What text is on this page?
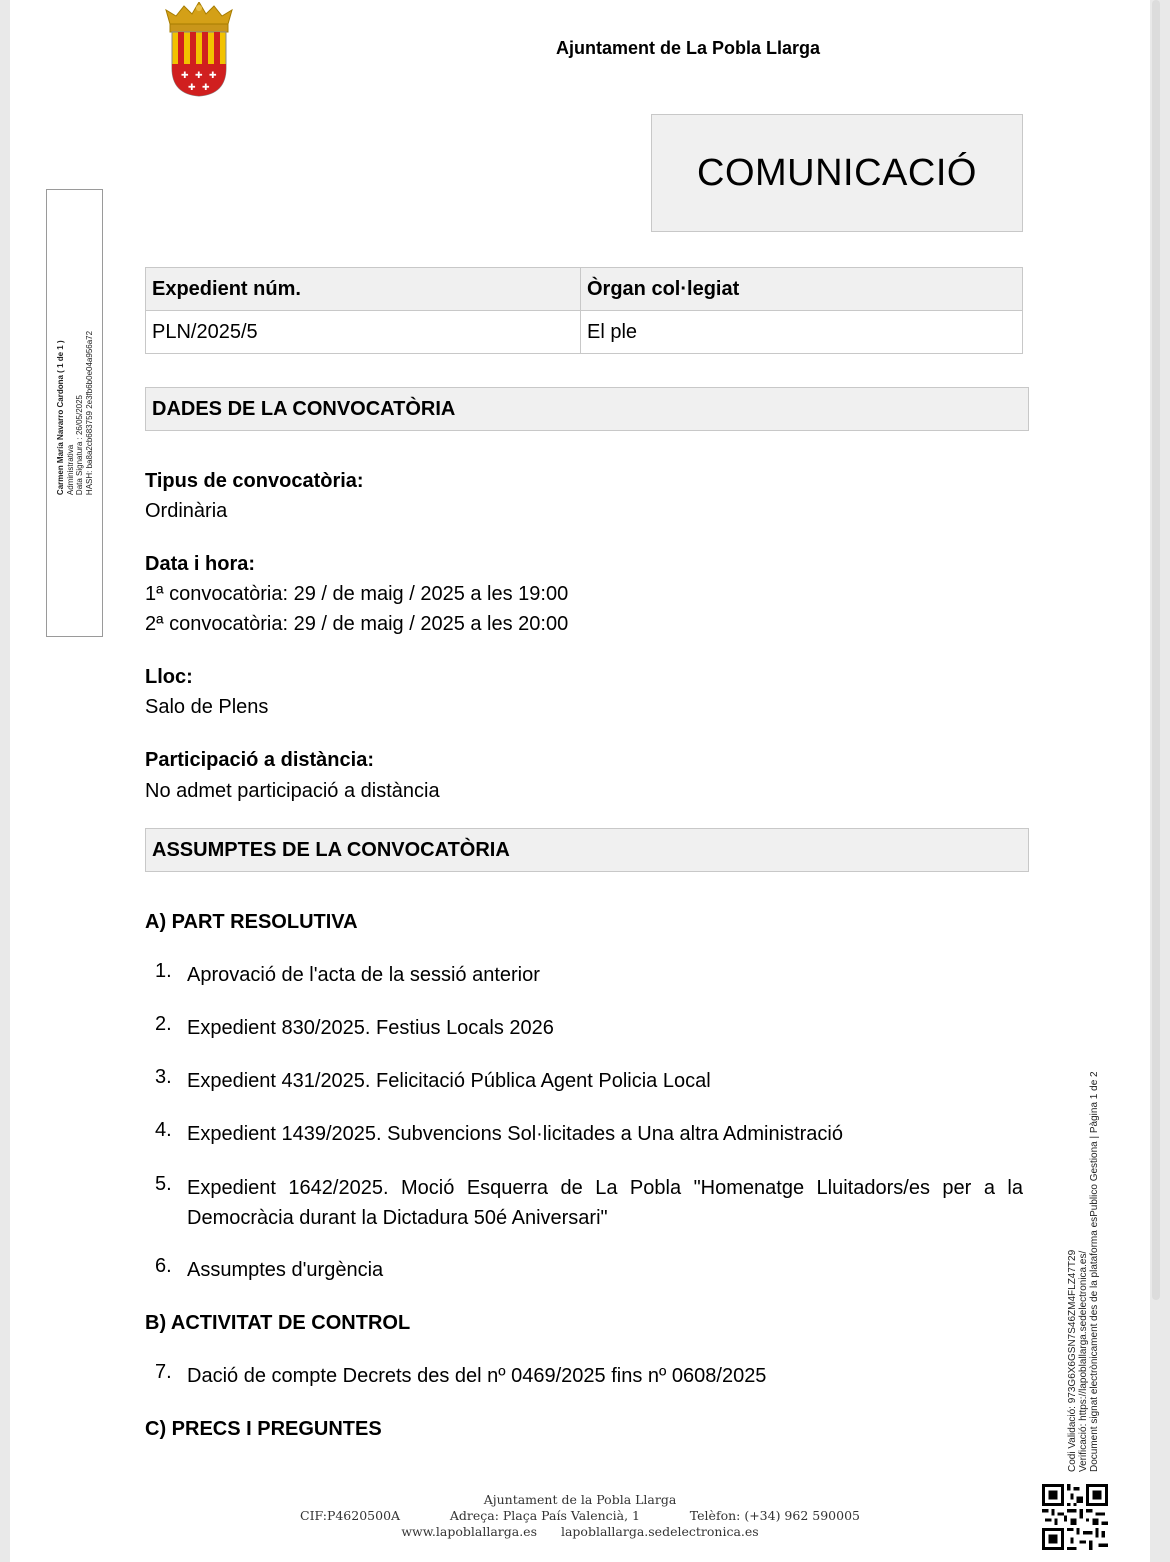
✚ ✚ ✚
✚ ✚
Ajuntament de La Pobla Llarga
COMUNICACIÓ
Carmen María Navarro Cardona ( 1 de 1 ) Administrativa Data Signatura : 26/05/2025 HASH: ba8a2cb683759 2e3fb6b0e04a956a72
Expedient núm.	Òrgan col·legiat
PLN/2025/5	El ple
DADES DE LA CONVOCATÒRIA
Tipus de convocatòria:
Ordinària
Data i hora:
1ª convocatòria: 29 / de maig / 2025 a les 19:00
2ª convocatòria: 29 / de maig / 2025 a les 20:00
Lloc:
Salo de Plens
Participació a distància:
No admet participació a distància
ASSUMPTES DE LA CONVOCATÒRIA
A) PART RESOLUTIVA
1. Aprovació de l'acta de la sessió anterior
2. Expedient 830/2025. Festius Locals 2026
3. Expedient 431/2025. Felicitació Pública Agent Policia Local
4. Expedient 1439/2025. Subvencions Sol·licitades a Una altra Administració
5. Expedient 1642/2025. Moció Esquerra de La Pobla "Homenatge Lluitadors/es per a la Democràcia durant la Dictadura 50é Aniversari"
6. Assumptes d'urgència
B) ACTIVITAT DE CONTROL
7. Dació de compte Decrets des del nº 0469/2025 fins nº 0608/2025
C) PRECS I PREGUNTES	Codi Validació: 973G6X6GSN7S46ZM4FLZ47T29 Verificació: https://lapoblallarga.sedelectronica.es/ Document signat electrònicament des de la plataforma esPublico Gestiona | Pàgina 1 de 2
Ajuntament de la Pobla Llarga
CIF:P4620500A	Adreça: Plaça País Valencià, 1	Telèfon: (+34) 962 590005
www.lapoblallarga.es lapoblallarga.sedelectronica.es
